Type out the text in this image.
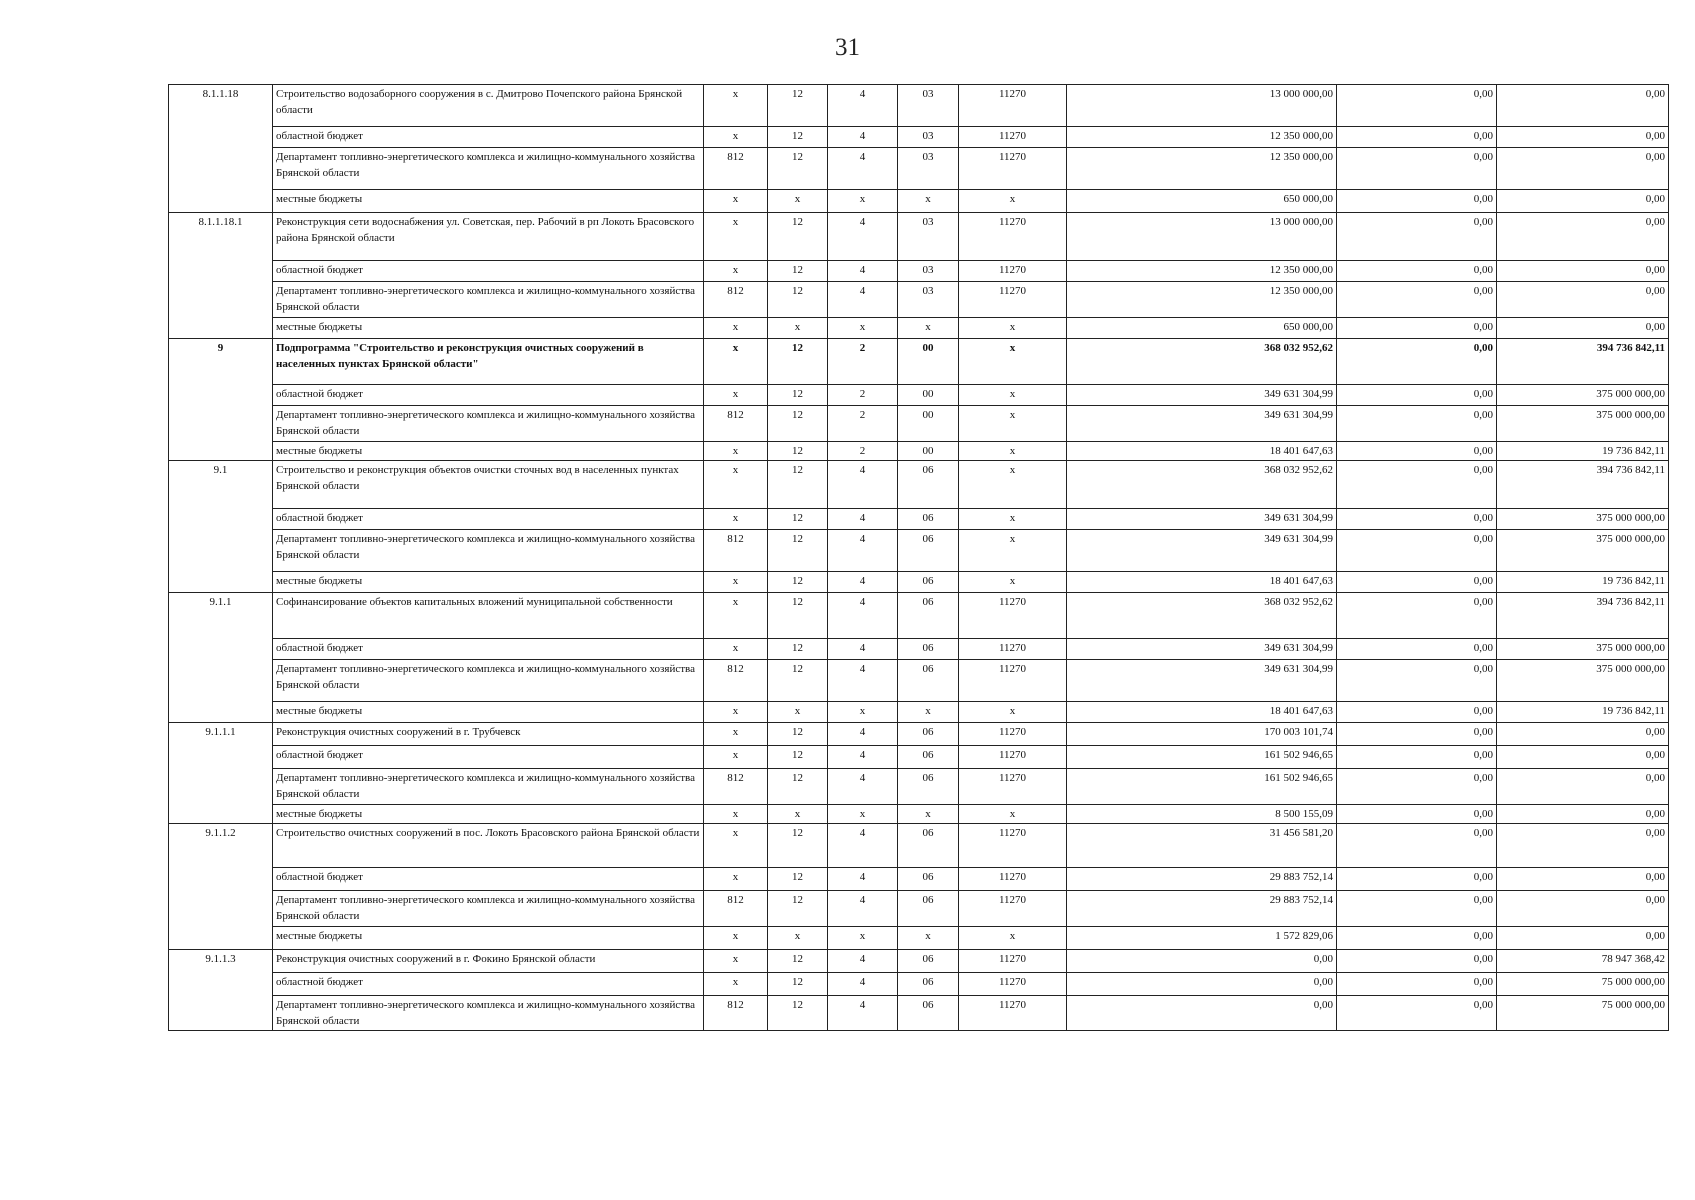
31
8.1.1.18	Строительство водозаборного сооружения в с. Дмитрово Почепского района Брянской области	х	12	4	03	11270	13 000 000,00	0,00	0,00
	областной бюджет	х	12	4	03	11270	12 350 000,00	0,00	0,00
	Департамент топливно-энергетического комплекса и жилищно-коммунального хозяйства Брянской области	812	12	4	03	11270	12 350 000,00	0,00	0,00
	местные бюджеты	х	х	х	х	х	650 000,00	0,00	0,00
8.1.1.18.1	Реконструкция сети водоснабжения ул. Советская, пер. Рабочий в рп Локоть Брасовского района Брянской области	х	12	4	03	11270	13 000 000,00	0,00	0,00
	областной бюджет	х	12	4	03	11270	12 350 000,00	0,00	0,00
	Департамент топливно-энергетического комплекса и жилищно-коммунального хозяйства Брянской области	812	12	4	03	11270	12 350 000,00	0,00	0,00
	местные бюджеты	х	х	х	х	х	650 000,00	0,00	0,00
9	Подпрограмма "Строительство и реконструкция очистных сооружений в населенных пунктах Брянской области"	х	12	2	00	х	368 032 952,62	0,00	394 736 842,11
	областной бюджет	х	12	2	00	х	349 631 304,99	0,00	375 000 000,00
	Департамент топливно-энергетического комплекса и жилищно-коммунального хозяйства Брянской области	812	12	2	00	х	349 631 304,99	0,00	375 000 000,00
	местные бюджеты	х	12	2	00	х	18 401 647,63	0,00	19 736 842,11
9.1	Строительство и реконструкция объектов очистки сточных вод в населенных пунктах Брянской области	х	12	4	06	х	368 032 952,62	0,00	394 736 842,11
	областной бюджет	х	12	4	06	х	349 631 304,99	0,00	375 000 000,00
	Департамент топливно-энергетического комплекса и жилищно-коммунального хозяйства Брянской области	812	12	4	06	х	349 631 304,99	0,00	375 000 000,00
	местные бюджеты	х	12	4	06	х	18 401 647,63	0,00	19 736 842,11
9.1.1	Софинансирование объектов капитальных вложений муниципальной собственности	х	12	4	06	11270	368 032 952,62	0,00	394 736 842,11
	областной бюджет	х	12	4	06	11270	349 631 304,99	0,00	375 000 000,00
	Департамент топливно-энергетического комплекса и жилищно-коммунального хозяйства Брянской области	812	12	4	06	11270	349 631 304,99	0,00	375 000 000,00
	местные бюджеты	х	х	х	х	х	18 401 647,63	0,00	19 736 842,11
9.1.1.1	Реконструкция очистных сооружений в г. Трубчевск	х	12	4	06	11270	170 003 101,74	0,00	0,00
	областной бюджет	х	12	4	06	11270	161 502 946,65	0,00	0,00
	Департамент топливно-энергетического комплекса и жилищно-коммунального хозяйства Брянской области	812	12	4	06	11270	161 502 946,65	0,00	0,00
	местные бюджеты	х	х	х	х	х	8 500 155,09	0,00	0,00
9.1.1.2	Строительство очистных сооружений в пос. Локоть Брасовского района Брянской области	х	12	4	06	11270	31 456 581,20	0,00	0,00
	областной бюджет	х	12	4	06	11270	29 883 752,14	0,00	0,00
	Департамент топливно-энергетического комплекса и жилищно-коммунального хозяйства Брянской области	812	12	4	06	11270	29 883 752,14	0,00	0,00
	местные бюджеты	х	х	х	х	х	1 572 829,06	0,00	0,00
9.1.1.3	Реконструкция очистных сооружений в г. Фокино Брянской области	х	12	4	06	11270	0,00	0,00	78 947 368,42
	областной бюджет	х	12	4	06	11270	0,00	0,00	75 000 000,00
	Департамент топливно-энергетического комплекса и жилищно-коммунального хозяйства Брянской области	812	12	4	06	11270	0,00	0,00	75 000 000,00
